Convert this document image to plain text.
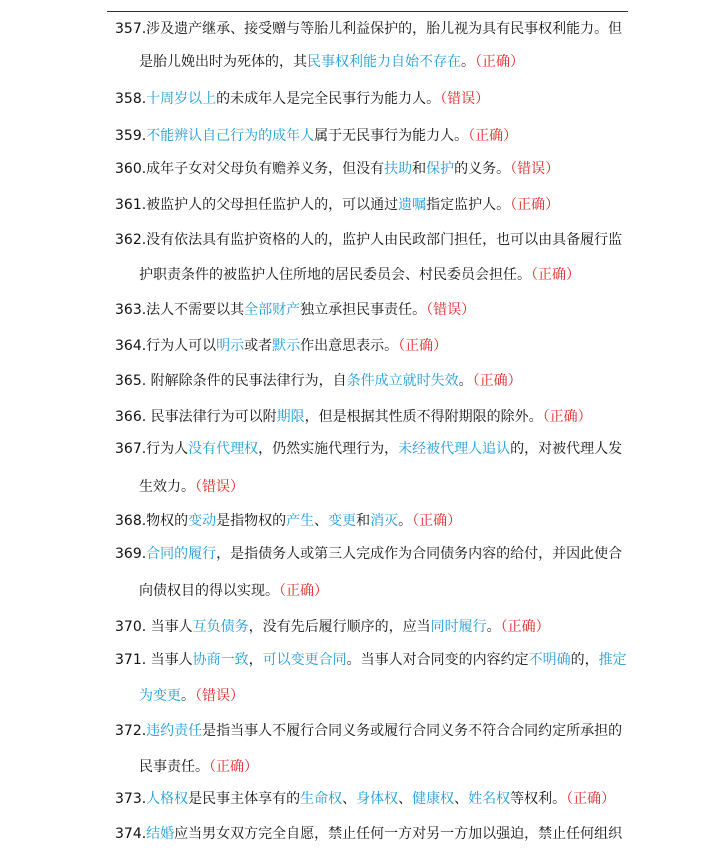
357.涉及遗产继承、接受赠与等胎儿利益保护的，胎儿视为具有民事权利能力。但
是胎儿娩出时为死体的，其民事权利能力自始不存在。（正确）
358.十周岁以上的未成年人是完全民事行为能力人。（错误）
359.不能辨认自己行为的成年人属于无民事行为能力人。（正确）
360.成年子女对父母负有赡养义务，但没有扶助和保护的义务。（错误）
361.被监护人的父母担任监护人的，可以通过遗嘱指定监护人。（正确）
362.没有依法具有监护资格的人的，监护人由民政部门担任，也可以由具备履行监
护职责条件的被监护人住所地的居民委员会、村民委员会担任。（正确）
363.法人不需要以其全部财产独立承担民事责任。（错误）
364.行为人可以明示或者默示作出意思表示。（正确）
365. 附解除条件的民事法律行为，自条件成立就时失效。（正确）
366. 民事法律行为可以附期限，但是根据其性质不得附期限的除外。（正确）
367.行为人没有代理权，仍然实施代理行为，未经被代理人追认的，对被代理人发
生效力。（错误）
368.物权的变动是指物权的产生、变更和消灭。（正确）
369.合同的履行，是指债务人或第三人完成作为合同债务内容的给付，并因此使合
向债权目的得以实现。（正确）
370. 当事人互负债务，没有先后履行顺序的，应当同时履行。（正确）
371. 当事人协商一致，可以变更合同。当事人对合同变的内容约定不明确的，推定
为变更。（错误）
372.违约责任是指当事人不履行合同义务或履行合同义务不符合合同约定所承担的
民事责任。（正确）
373.人格权是民事主体享有的生命权、身体权、健康权、姓名权等权利。（正确）
374.结婚应当男女双方完全自愿，禁止任何一方对另一方加以强迫，禁止任何组织
